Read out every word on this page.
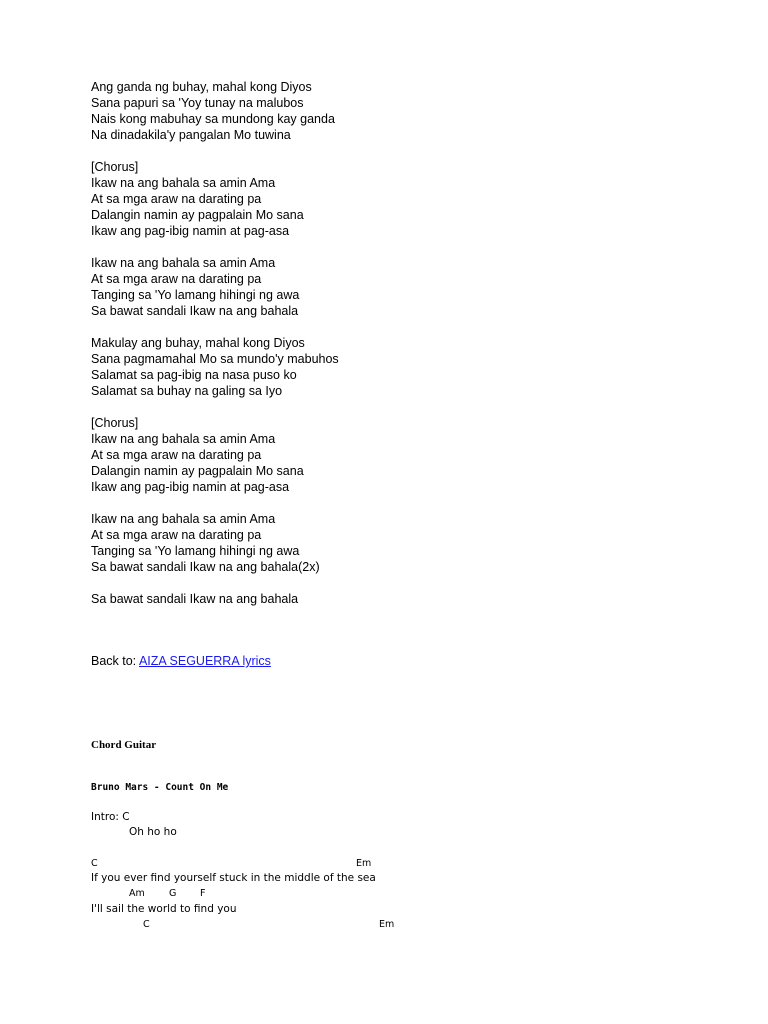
Ang ganda ng buhay, mahal kong Diyos
Sana papuri sa 'Yoy tunay na malubos
Nais kong mabuhay sa mundong kay ganda
Na dinadakila'y pangalan Mo tuwina
[Chorus]
Ikaw na ang bahala sa amin Ama
At sa mga araw na darating pa
Dalangin namin ay pagpalain Mo sana
Ikaw ang pag-ibig namin at pag-asa
Ikaw na ang bahala sa amin Ama
At sa mga araw na darating pa
Tanging sa 'Yo lamang hihingi ng awa
Sa bawat sandali Ikaw na ang bahala
Makulay ang buhay, mahal kong Diyos
Sana pagmamahal Mo sa mundo'y mabuhos
Salamat sa pag-ibig na nasa puso ko
Salamat sa buhay na galing sa Iyo
[Chorus]
Ikaw na ang bahala sa amin Ama
At sa mga araw na darating pa
Dalangin namin ay pagpalain Mo sana
Ikaw ang pag-ibig namin at pag-asa
Ikaw na ang bahala sa amin Ama
At sa mga araw na darating pa
Tanging sa 'Yo lamang hihingi ng awa
Sa bawat sandali Ikaw na ang bahala(2x)
Sa bawat sandali Ikaw na ang bahala
Back to: AIZA SEGUERRA lyrics
Chord Guitar
Bruno Mars - Count On Me
Intro: C
Oh ho ho

C

	Em

If you ever find yourself stuck in the middle of the sea

Am

	G

F

I'll sail the world to find you

C

	Em
